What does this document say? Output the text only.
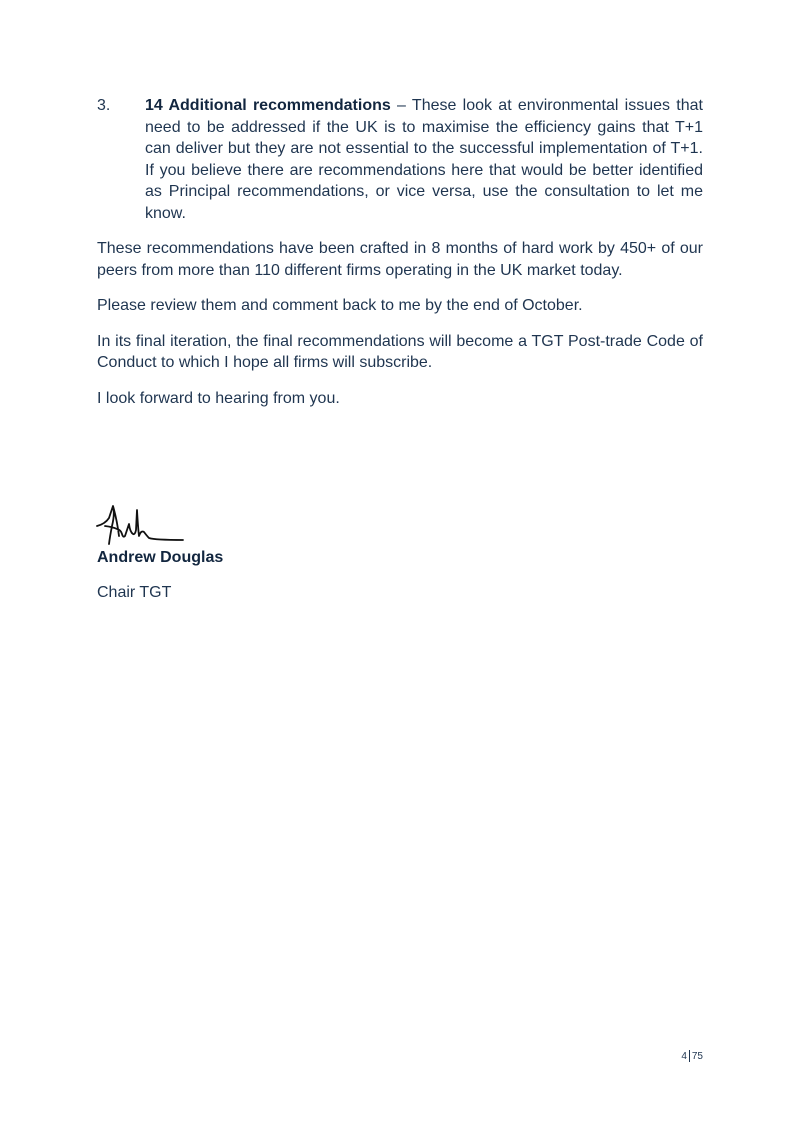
3.	14 Additional recommendations – These look at environmental issues that need to be addressed if the UK is to maximise the efficiency gains that T+1 can deliver but they are not essential to the successful implementation of T+1. If you believe there are recommendations here that would be better identified as Principal recommendations, or vice versa, use the consultation to let me know.

These recommendations have been crafted in 8 months of hard work by 450+ of our peers from more than 110 different firms operating in the UK market today.

Please review them and comment back to me by the end of October.

In its final iteration, the final recommendations will become a TGT Post-trade Code of Conduct to which I hope all firms will subscribe.

I look forward to hearing from you.

Andrew Douglas
Chair TGT
4 75
